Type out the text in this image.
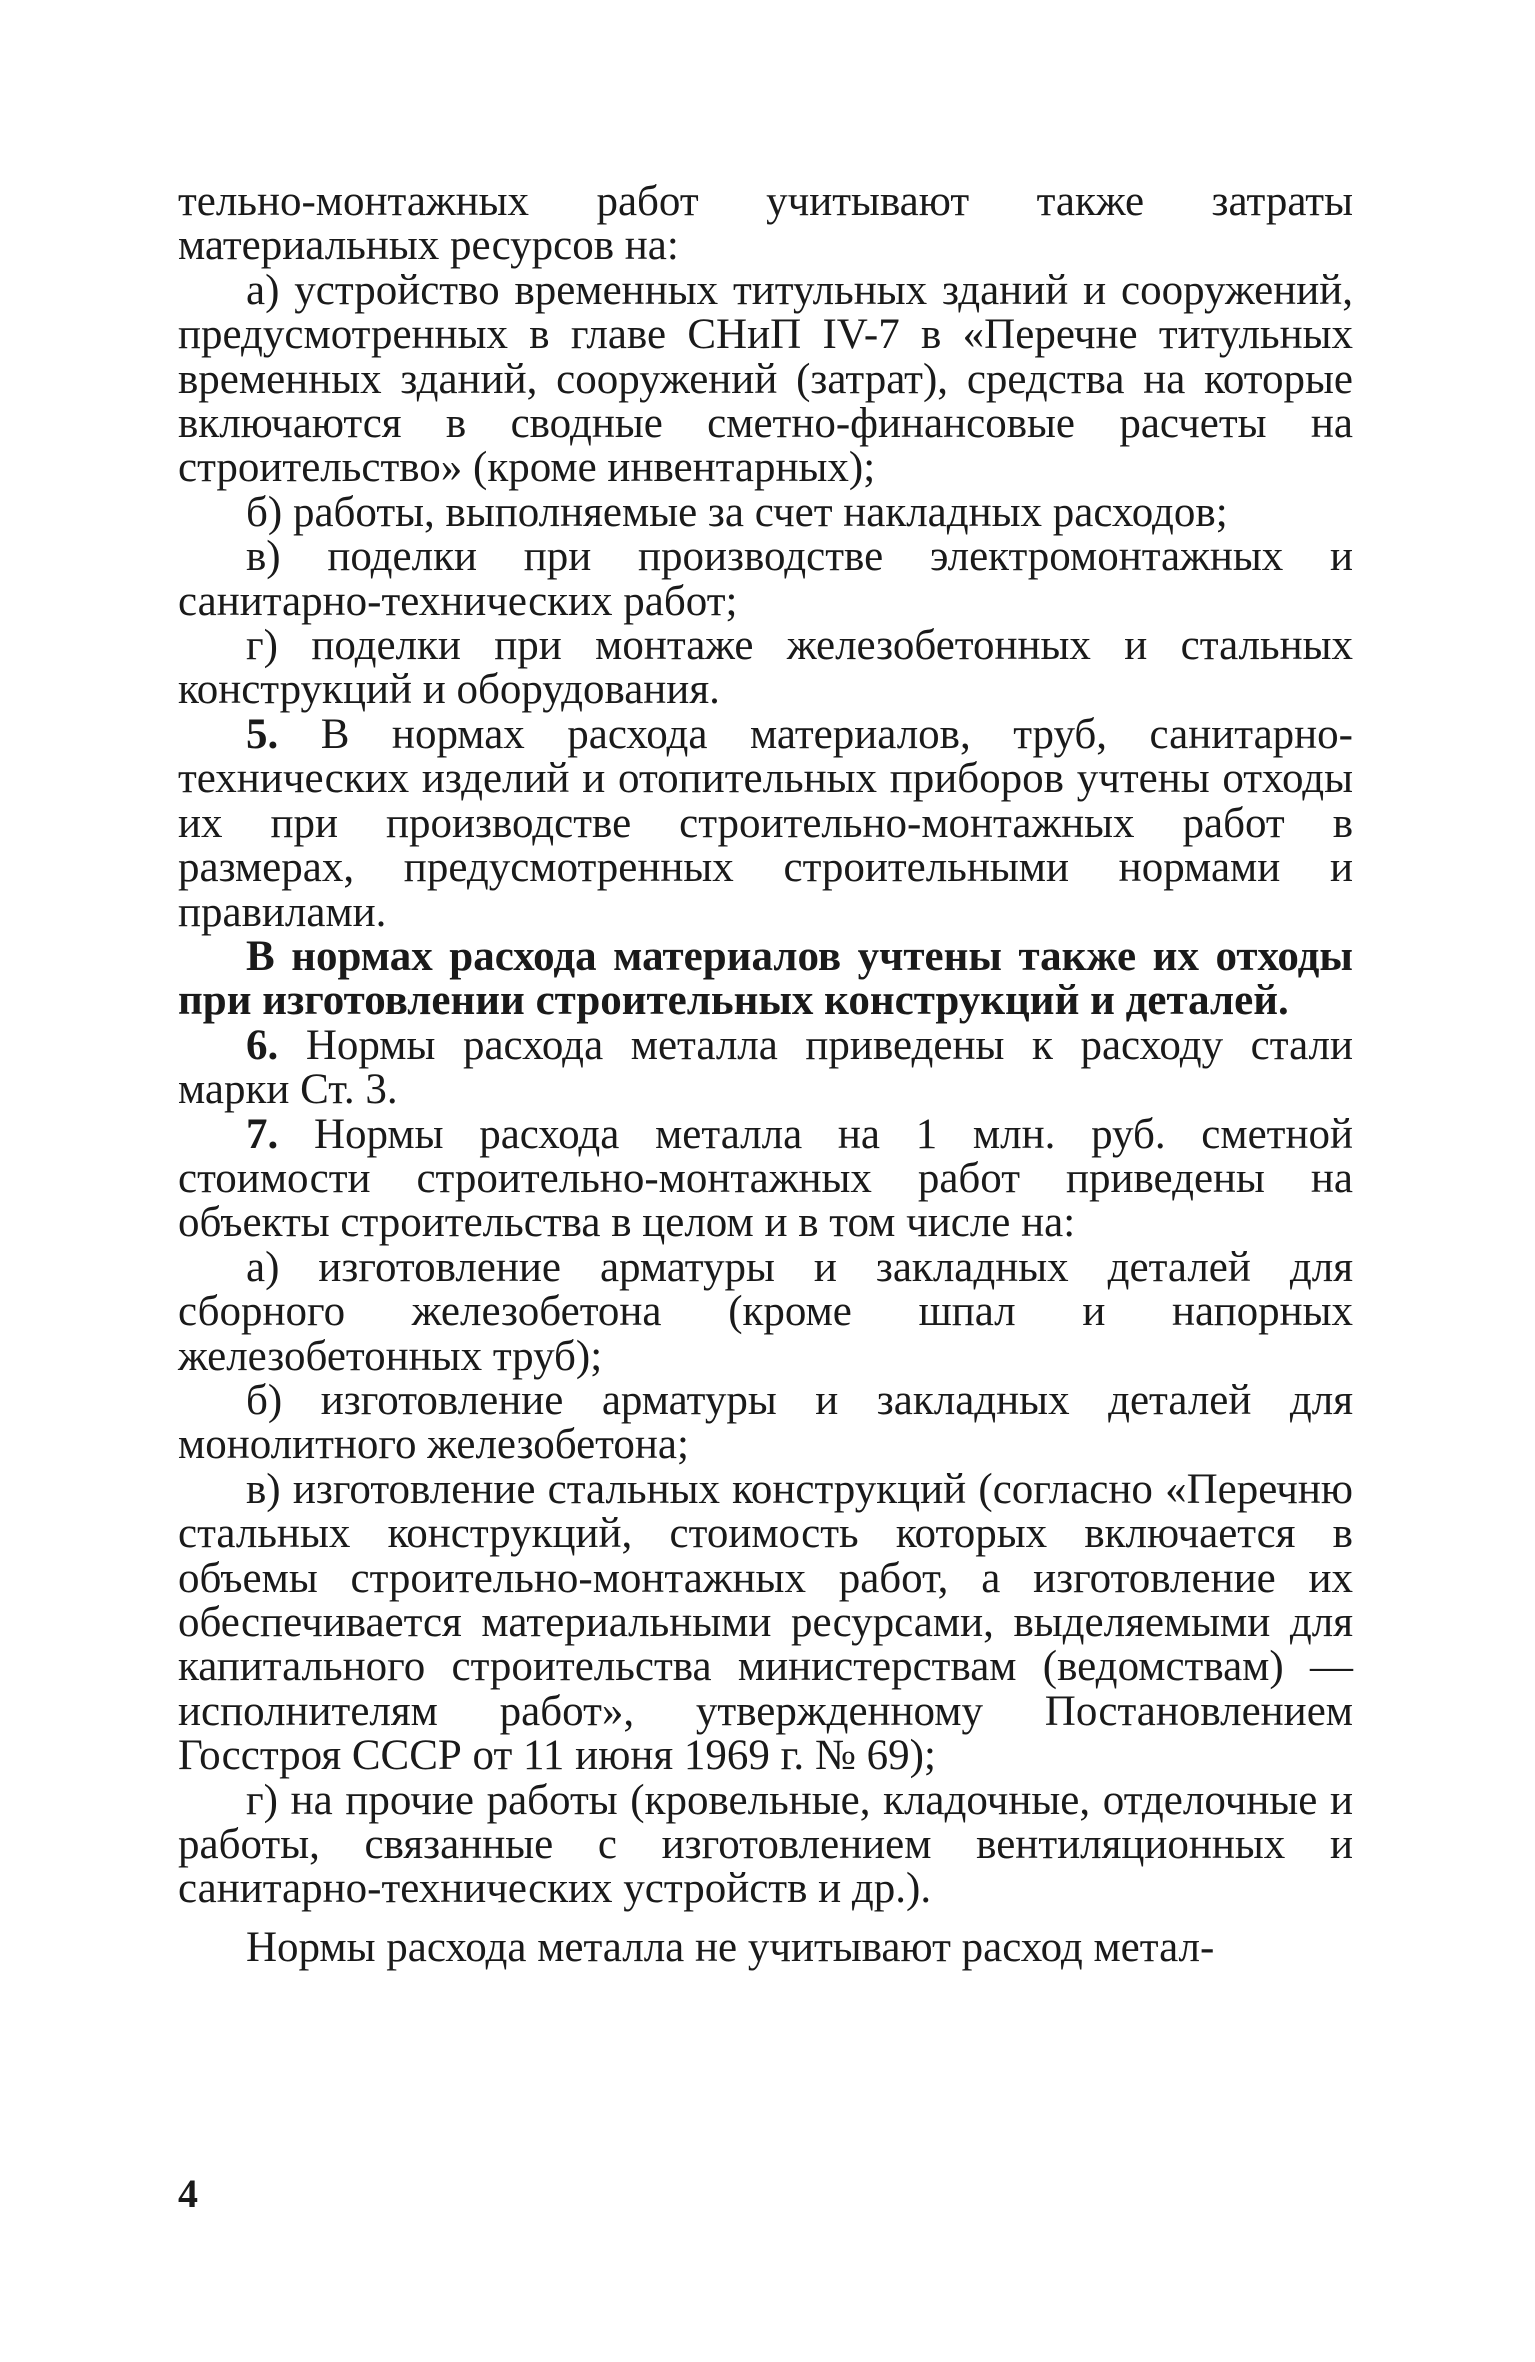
тельно-монтажных работ учитывают также затраты материальных ресурсов на:

а) устройство временных титульных зданий и сооружений, предусмотренных в главе СНиП IV-7 в «Перечне титульных временных зданий, сооружений (затрат), средства на которые включаются в сводные сметно-финансовые расчеты на строительство» (кроме инвентарных);

б) работы, выполняемые за счет накладных расходов;

в) поделки при производстве электромонтажных и санитарно-технических работ;

г) поделки при монтаже железобетонных и стальных конструкций и оборудования.

5. В нормах расхода материалов, труб, санитарно-технических изделий и отопительных приборов учтены отходы их при производстве строительно-монтажных работ в размерах, предусмотренных строительными нормами и правилами.

В нормах расхода материалов учтены также их отходы при изготовлении строительных конструкций и деталей.

6. Нормы расхода металла приведены к расходу стали марки Ст. 3.

7. Нормы расхода металла на 1 млн. руб. сметной стоимости строительно-монтажных работ приведены на объекты строительства в целом и в том числе на:

а) изготовление арматуры и закладных деталей для сборного железобетона (кроме шпал и напорных железобетонных труб);

б) изготовление арматуры и закладных деталей для монолитного железобетона;

в) изготовление стальных конструкций (согласно «Перечню стальных конструкций, стоимость которых включается в объемы строительно-монтажных работ, а изготовление их обеспечивается материальными ресурсами, выделяемыми для капитального строительства министерствам (ведомствам) — исполнителям работ», утвержденному Постановлением Госстроя СССР от 11 июня 1969 г. № 69);

г) на прочие работы (кровельные, кладочные, отделочные и работы, связанные с изготовлением вентиляционных и санитарно-технических устройств и др.).

Нормы расхода металла не учитывают расход метал-

4
